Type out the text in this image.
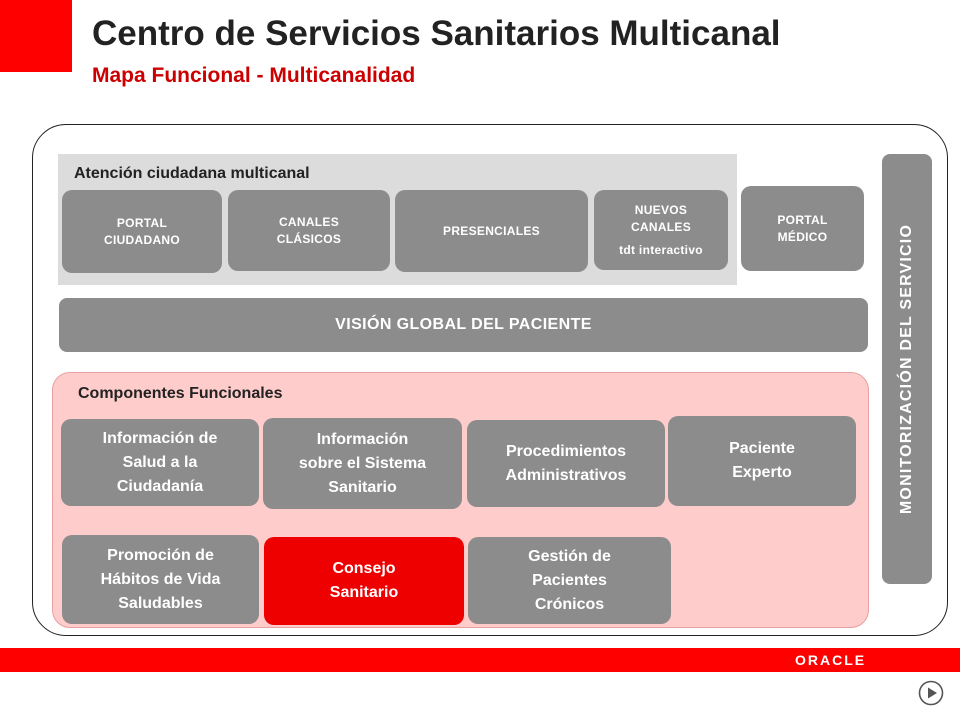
Centro de Servicios Sanitarios Multicanal
Mapa Funcional - Multicanalidad
Atención ciudadana multicanal
PORTAL
CIUDADANO
CANALES
CLÁSICOS
PRESENCIALES
NUEVOS
CANALES
tdt interactivo
PORTAL
MÉDICO
VISIÓN GLOBAL DEL PACIENTE	MONITORIZACIÓN DEL SERVICIO
Componentes Funcionales
Información de
Salud a la
Ciudadanía
Información
sobre el Sistema
Sanitario
Procedimientos
Administrativos
Paciente
Experto
Promoción de
Hábitos de Vida
Saludables
Consejo
Sanitario
Gestión de
Pacientes
Crónicos
ORACLE
